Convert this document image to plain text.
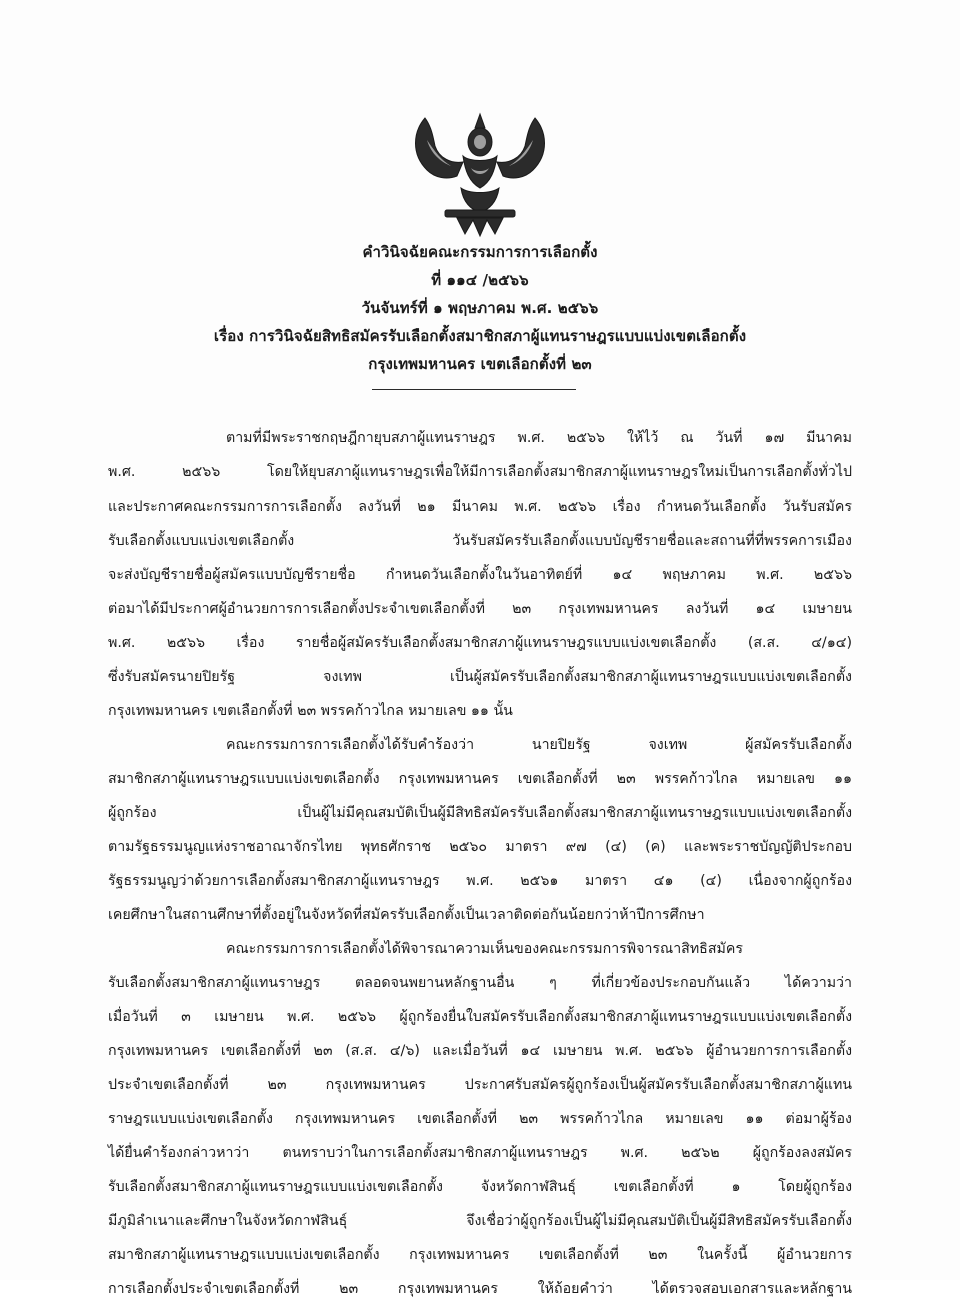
คำวินิจฉัยคณะกรรมการการเลือกตั้ง
ที่ ๑๑๔ /๒๕๖๖
วันจันทร์ที่ ๑ พฤษภาคม พ.ศ. ๒๕๖๖
เรื่อง การวินิจฉัยสิทธิสมัครรับเลือกตั้งสมาชิกสภาผู้แทนราษฎรแบบแบ่งเขตเลือกตั้ง
กรุงเทพมหานคร เขตเลือกตั้งที่ ๒๓
ตามที่มีพระราชกฤษฎีกายุบสภาผู้แทนราษฎร พ.ศ. ๒๕๖๖ ให้ไว้ ณ วันที่ ๑๗ มีนาคม
พ.ศ. ๒๕๖๖ โดยให้ยุบสภาผู้แทนราษฎรเพื่อให้มีการเลือกตั้งสมาชิกสภาผู้แทนราษฎรใหม่เป็นการเลือกตั้งทั่วไป
และประกาศคณะกรรมการการเลือกตั้ง ลงวันที่ ๒๑ มีนาคม พ.ศ. ๒๕๖๖ เรื่อง กำหนดวันเลือกตั้ง วันรับสมัคร
รับเลือกตั้งแบบแบ่งเขตเลือกตั้ง วันรับสมัครรับเลือกตั้งแบบบัญชีรายชื่อและสถานที่ที่พรรคการเมือง
จะส่งบัญชีรายชื่อผู้สมัครแบบบัญชีรายชื่อ กำหนดวันเลือกตั้งในวันอาทิตย์ที่ ๑๔ พฤษภาคม พ.ศ. ๒๕๖๖
ต่อมาได้มีประกาศผู้อำนวยการการเลือกตั้งประจำเขตเลือกตั้งที่ ๒๓ กรุงเทพมหานคร ลงวันที่ ๑๔ เมษายน
พ.ศ. ๒๕๖๖ เรื่อง รายชื่อผู้สมัครรับเลือกตั้งสมาชิกสภาผู้แทนราษฎรแบบแบ่งเขตเลือกตั้ง (ส.ส. ๔/๑๔)
ซึ่งรับสมัครนายปิยรัฐ จงเทพ เป็นผู้สมัครรับเลือกตั้งสมาชิกสภาผู้แทนราษฎรแบบแบ่งเขตเลือกตั้ง
กรุงเทพมหานคร เขตเลือกตั้งที่ ๒๓ พรรคก้าวไกล หมายเลข ๑๑ นั้น
คณะกรรมการการเลือกตั้งได้รับคำร้องว่า นายปิยรัฐ จงเทพ ผู้สมัครรับเลือกตั้ง
สมาชิกสภาผู้แทนราษฎรแบบแบ่งเขตเลือกตั้ง กรุงเทพมหานคร เขตเลือกตั้งที่ ๒๓ พรรคก้าวไกล หมายเลข ๑๑
ผู้ถูกร้อง เป็นผู้ไม่มีคุณสมบัติเป็นผู้มีสิทธิสมัครรับเลือกตั้งสมาชิกสภาผู้แทนราษฎรแบบแบ่งเขตเลือกตั้ง
ตามรัฐธรรมนูญแห่งราชอาณาจักรไทย พุทธศักราช ๒๕๖๐ มาตรา ๙๗ (๔) (ค) และพระราชบัญญัติประกอบ
รัฐธรรมนูญว่าด้วยการเลือกตั้งสมาชิกสภาผู้แทนราษฎร พ.ศ. ๒๕๖๑ มาตรา ๔๑ (๔) เนื่องจากผู้ถูกร้อง
เคยศึกษาในสถานศึกษาที่ตั้งอยู่ในจังหวัดที่สมัครรับเลือกตั้งเป็นเวลาติดต่อกันน้อยกว่าห้าปีการศึกษา
คณะกรรมการการเลือกตั้งได้พิจารณาความเห็นของคณะกรรมการพิจารณาสิทธิสมัคร
รับเลือกตั้งสมาชิกสภาผู้แทนราษฎร ตลอดจนพยานหลักฐานอื่น ๆ ที่เกี่ยวข้องประกอบกันแล้ว ได้ความว่า
เมื่อวันที่ ๓ เมษายน พ.ศ. ๒๕๖๖ ผู้ถูกร้องยื่นใบสมัครรับเลือกตั้งสมาชิกสภาผู้แทนราษฎรแบบแบ่งเขตเลือกตั้ง
กรุงเทพมหานคร เขตเลือกตั้งที่ ๒๓ (ส.ส. ๔/๖) และเมื่อวันที่ ๑๔ เมษายน พ.ศ. ๒๕๖๖ ผู้อำนวยการการเลือกตั้ง
ประจำเขตเลือกตั้งที่ ๒๓ กรุงเทพมหานคร ประกาศรับสมัครผู้ถูกร้องเป็นผู้สมัครรับเลือกตั้งสมาชิกสภาผู้แทน
ราษฎรแบบแบ่งเขตเลือกตั้ง กรุงเทพมหานคร เขตเลือกตั้งที่ ๒๓ พรรคก้าวไกล หมายเลข ๑๑ ต่อมาผู้ร้อง
ได้ยื่นคำร้องกล่าวหาว่า ตนทราบว่าในการเลือกตั้งสมาชิกสภาผู้แทนราษฎร พ.ศ. ๒๕๖๒ ผู้ถูกร้องลงสมัคร
รับเลือกตั้งสมาชิกสภาผู้แทนราษฎรแบบแบ่งเขตเลือกตั้ง จังหวัดกาฬสินธุ์ เขตเลือกตั้งที่ ๑ โดยผู้ถูกร้อง
มีภูมิลำเนาและศึกษาในจังหวัดกาฬสินธุ์ จึงเชื่อว่าผู้ถูกร้องเป็นผู้ไม่มีคุณสมบัติเป็นผู้มีสิทธิสมัครรับเลือกตั้ง
สมาชิกสภาผู้แทนราษฎรแบบแบ่งเขตเลือกตั้ง กรุงเทพมหานคร เขตเลือกตั้งที่ ๒๓ ในครั้งนี้ ผู้อำนวยการ
การเลือกตั้งประจำเขตเลือกตั้งที่ ๒๓ กรุงเทพมหานคร ให้ถ้อยคำว่า ได้ตรวจสอบเอกสารและหลักฐาน
